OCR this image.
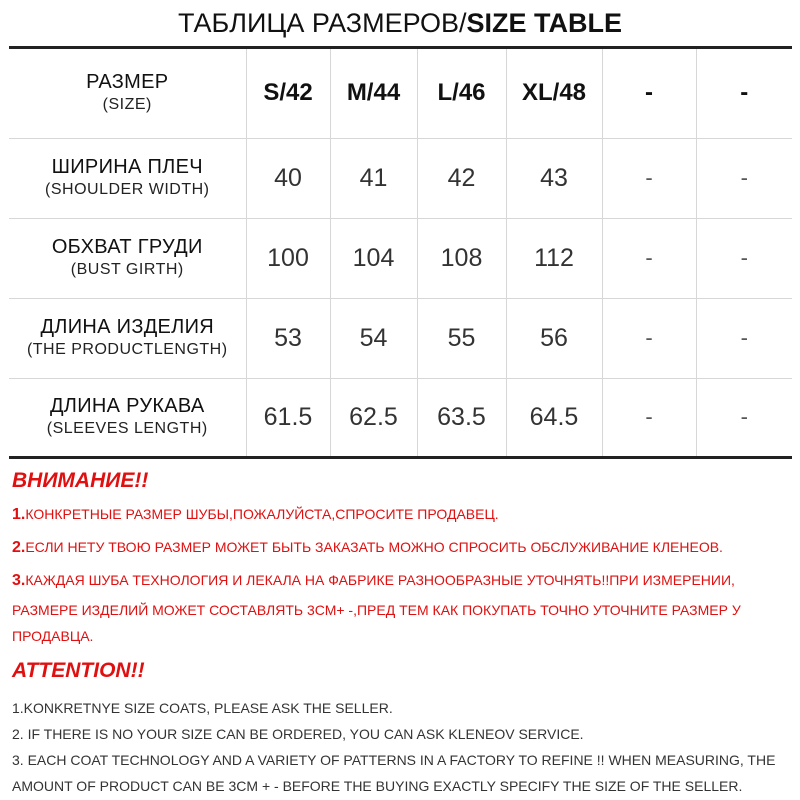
ТАБЛИЦА РАЗМЕРОВ/SIZE TABLE
РАЗМЕР
(SIZE)	S/42	M/44	L/46	XL/48	-	-

ШИРИНА ПЛЕЧ
(SHOULDER WIDTH)	40	41	42	43	-	-

ОБХВАТ ГРУДИ
(BUST GIRTH)	100	104	108	112	-	-

ДЛИНА ИЗДЕЛИЯ
(THE PRODUCTLENGTH)	53	54	55	56	-	-

ДЛИНА РУКАВА
(SLEEVES LENGTH)	61.5	62.5	63.5	64.5	-	-

ВНИМАНИЕ!!

1.КОНКРЕТНЫЕ РАЗМЕР ШУБЫ,ПОЖАЛУЙСТА,СПРОСИТЕ ПРОДАВЕЦ.

2.ЕСЛИ НЕТУ ТВОЮ РАЗМЕР МОЖЕТ БЫТЬ ЗАКАЗАТЬ МОЖНО СПРОСИТЬ ОБСЛУЖИВАНИЕ КЛЕНЕОВ.

3.КАЖДАЯ ШУБА ТЕХНОЛОГИЯ И ЛЕКАЛА НА ФАБРИКЕ РАЗНООБРАЗНЫЕ УТОЧНЯТЬ!!ПРИ ИЗМЕРЕНИИ,

РАЗМЕРЕ ИЗДЕЛИЙ МОЖЕТ СОСТАВЛЯТЬ 3СМ+ -,ПРЕД ТЕМ КАК ПОКУПАТЬ ТОЧНО УТОЧНИТЕ РАЗМЕР У

ПРОДАВЦА.

ATTENTION!!

1.KONKRETNYE SIZE COATS, PLEASE ASK THE SELLER.

2. IF THERE IS NO YOUR SIZE CAN BE ORDERED, YOU CAN ASK KLENEOV SERVICE.

3. EACH COAT TECHNOLOGY AND A VARIETY OF PATTERNS IN A FACTORY TO REFINE !! WHEN MEASURING, THE

AMOUNT OF PRODUCT CAN BE 3CM + - BEFORE THE BUYING EXACTLY SPECIFY THE SIZE OF THE SELLER.
